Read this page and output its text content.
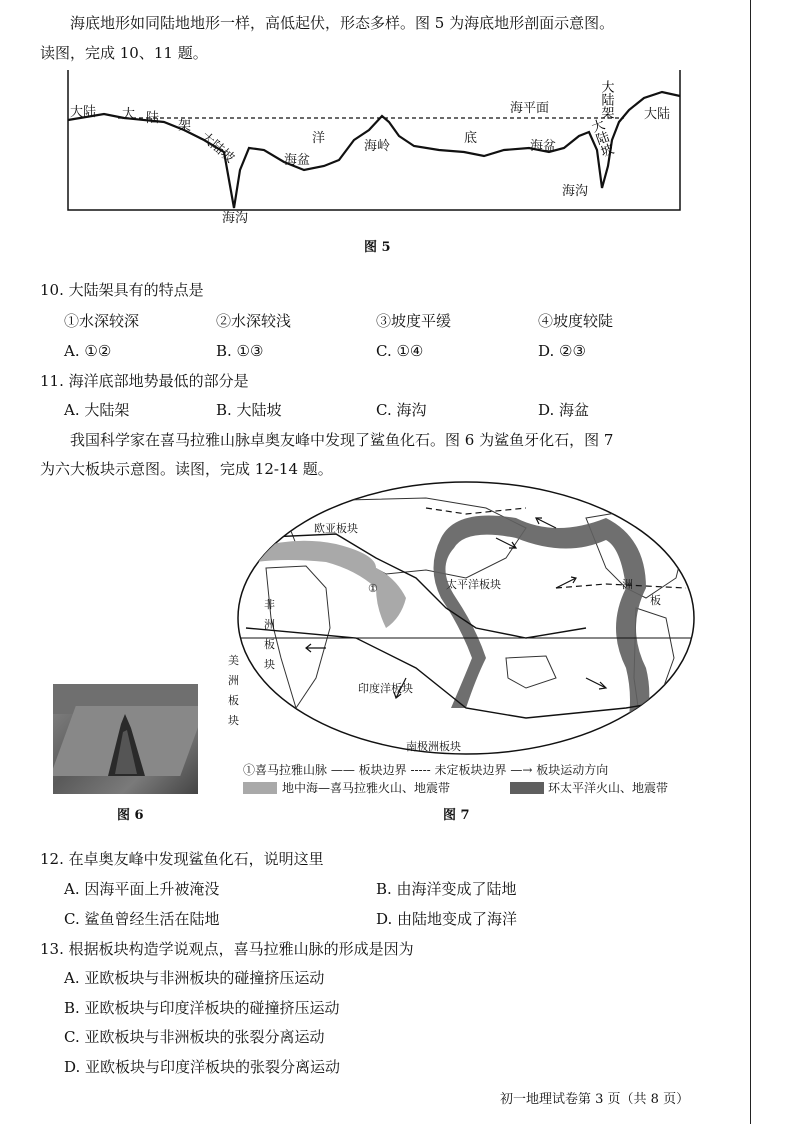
海底地形如同陆地地形一样，高低起伏，形态多样。图 5 为海底地形剖面示意图。
读图，完成 10、11 题。
大陆 大 陆
架
大陆坡
海沟
洋
海盆
海岭
底
海盆
海平面
海沟
大陆
大陆架
大陆坡
图 5
10. 大陆架具有的特点是
①水深较深	②水深较浅	③坡度平缓	④坡度较陡
A. ①②	B. ①③	C. ①④	D. ②③
11. 海洋底部地势最低的部分是
A. 大陆架	B. 大陆坡	C. 海沟	D. 海盆
我国科学家在喜马拉雅山脉卓奥友峰中发现了鲨鱼化石。图 6 为鲨鱼牙化石，图 7
为六大板块示意图。读图，完成 12-14 题。
图 6
欧亚板块
太平洋板块
印度洋板块
南极洲板块
非
洲
板
块
美
洲
板
块
洲
板
①
①喜马拉雅山脉 —— 板块边界 ----- 未定板块边界 —→ 板块运动方向
地中海—喜马拉雅火山、地震带	环太平洋火山、地震带
图 7
12. 在卓奥友峰中发现鲨鱼化石，说明这里
A. 因海平面上升被淹没	B. 由海洋变成了陆地
C. 鲨鱼曾经生活在陆地	D. 由陆地变成了海洋
13. 根据板块构造学说观点，喜马拉雅山脉的形成是因为
A. 亚欧板块与非洲板块的碰撞挤压运动
B. 亚欧板块与印度洋板块的碰撞挤压运动
C. 亚欧板块与非洲板块的张裂分离运动
D. 亚欧板块与印度洋板块的张裂分离运动
初一地理试卷第 3 页（共 8 页）
